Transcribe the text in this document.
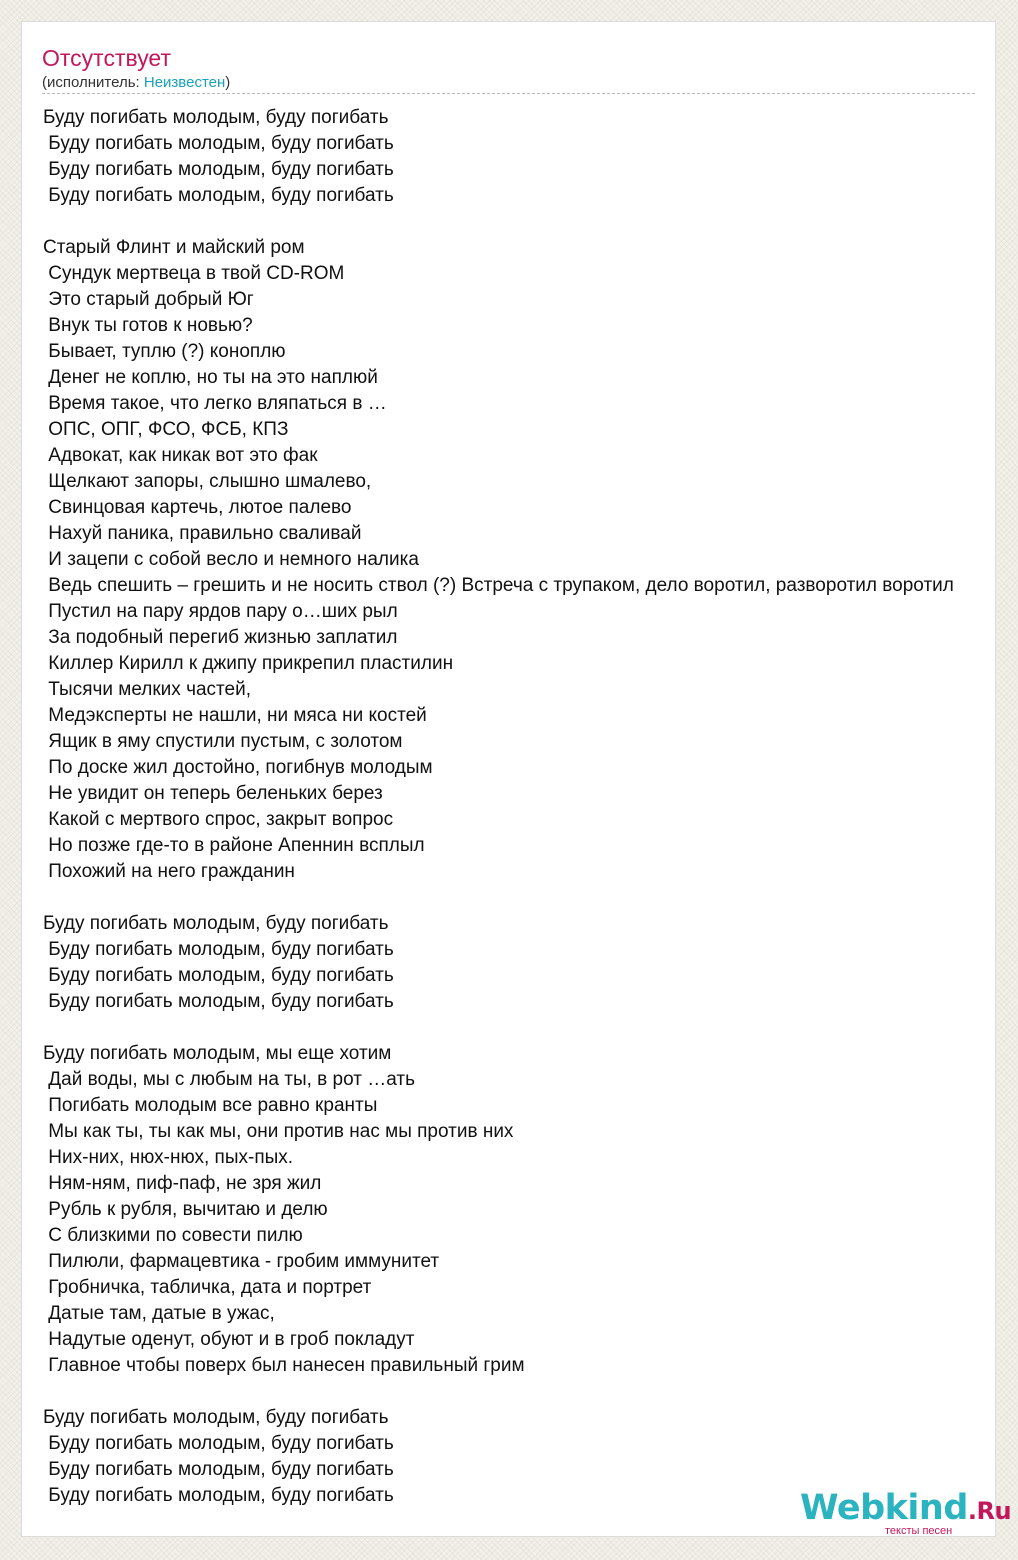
Отсутствует
(исполнитель: Неизвестен)
Буду погибать молодым, буду погибать
Буду погибать молодым, буду погибать
Буду погибать молодым, буду погибать
Буду погибать молодым, буду погибать
Старый Флинт и майский ром
Сундук мертвеца в твой CD-ROM
Это старый добрый Юг
Внук ты готов к новью?
Бывает, туплю (?) коноплю
Денег не коплю, но ты на это наплюй
Время такое, что легко вляпаться в …
ОПС, ОПГ, ФСО, ФСБ, КПЗ
Адвокат, как никак вот это фак
Щелкают запоры, слышно шмалево,
Свинцовая картечь, лютое палево
Нахуй паника, правильно сваливай
И зацепи с собой весло и немного налика
Ведь спешить – грешить и не носить ствол (?) Встреча с трупаком, дело воротил, разворотил воротил
Пустил на пару ярдов пару о…ших рыл
За подобный перегиб жизнью заплатил
Киллер Кирилл к джипу прикрепил пластилин
Тысячи мелких частей,
Медэксперты не нашли, ни мяса ни костей
Ящик в яму спустили пустым, с золотом
По доске жил достойно, погибнув молодым
Не увидит он теперь беленьких берез
Какой с мертвого спрос, закрыт вопрос
Но позже где-то в районе Апеннин всплыл
Похожий на него гражданин
Буду погибать молодым, буду погибать
Буду погибать молодым, буду погибать
Буду погибать молодым, буду погибать
Буду погибать молодым, буду погибать
Буду погибать молодым, мы еще хотим
Дай воды, мы с любым на ты, в рот …ать
Погибать молодым все равно кранты
Мы как ты, ты как мы, они против нас мы против них
Них-них, нюх-нюх, пых-пых.
Ням-ням, пиф-паф, не зря жил
Рубль к рубля, вычитаю и делю
С близкими по совести пилю
Пилюли, фармацевтика - гробим иммунитет
Гробничка, табличка, дата и портрет
Датые там, датые в ужас,
Надутые оденут, обуют и в гроб покладут
Главное чтобы поверх был нанесен правильный грим
Буду погибать молодым, буду погибать
Буду погибать молодым, буду погибать
Буду погибать молодым, буду погибать
Буду погибать молодым, буду погибать	Webkind.Ru
тексты песен
